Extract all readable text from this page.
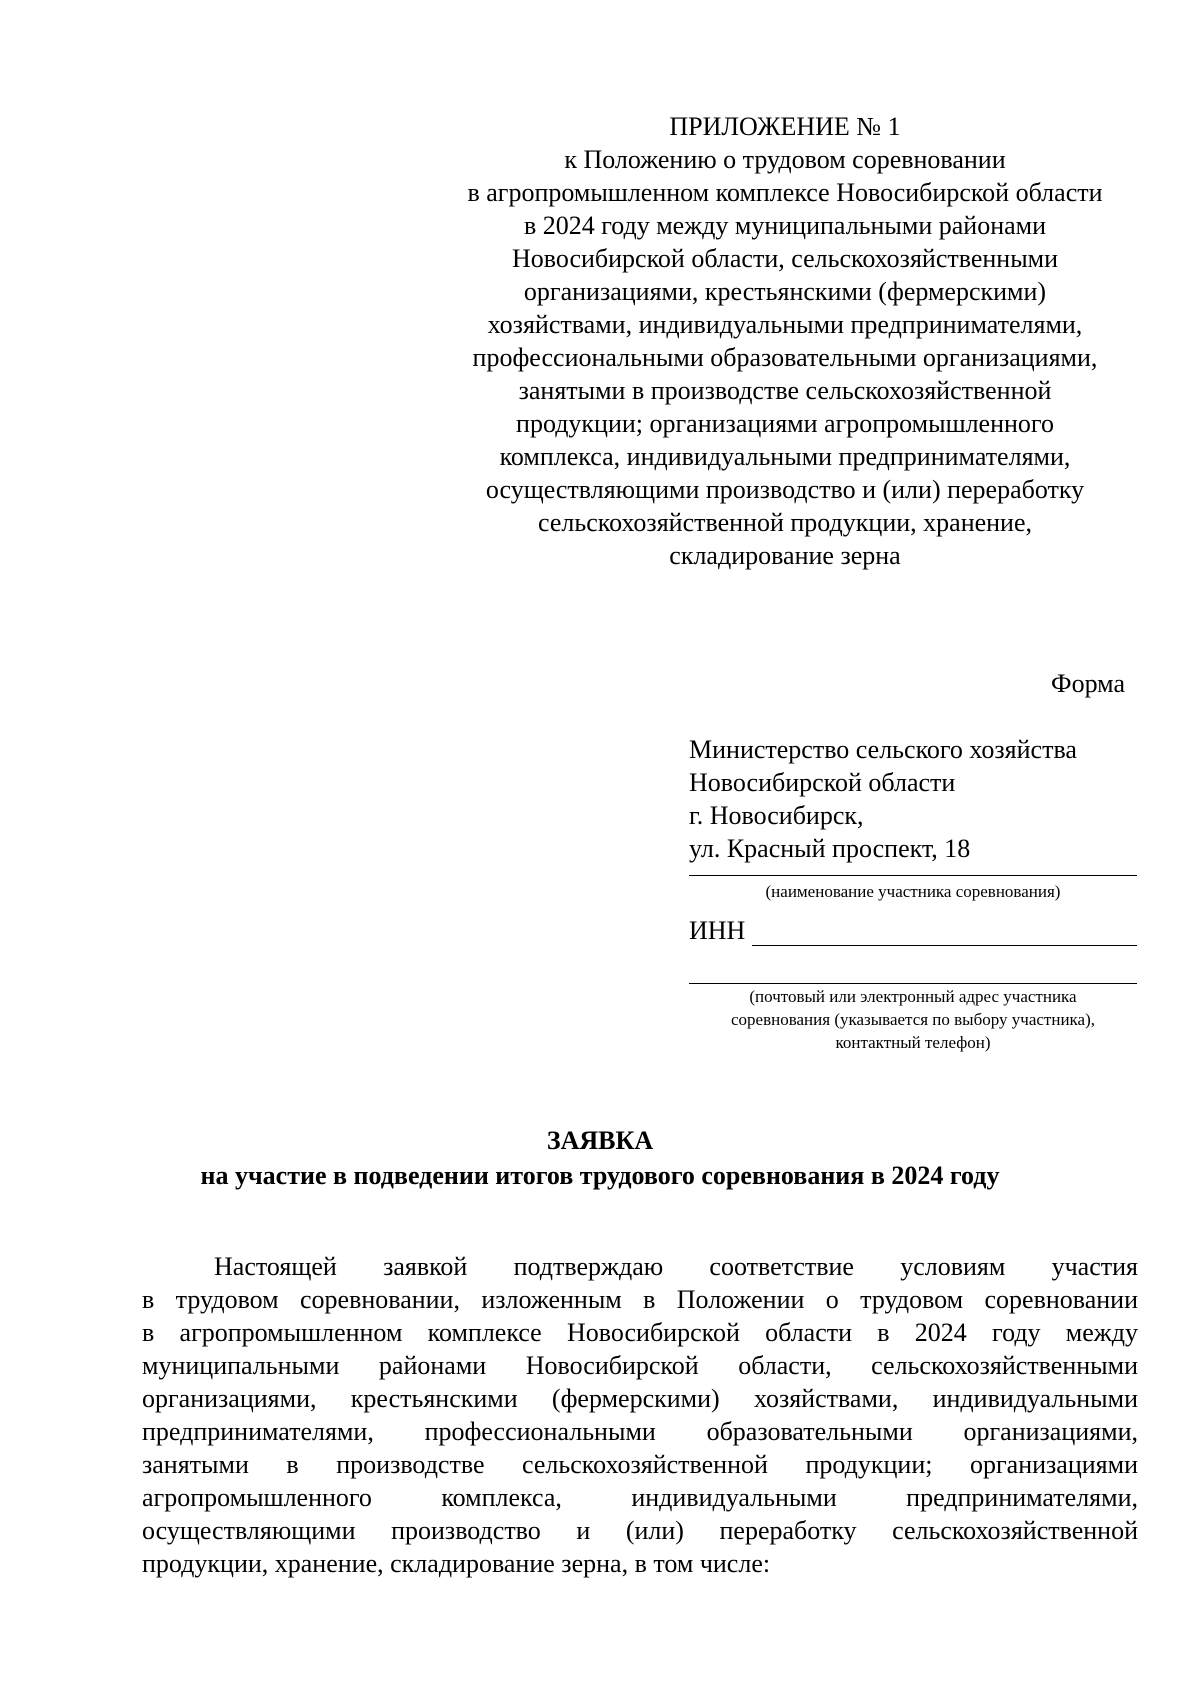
ПРИЛОЖЕНИЕ № 1
к Положению о трудовом соревновании
в агропромышленном комплексе Новосибирской области
в 2024 году между муниципальными районами
Новосибирской области, сельскохозяйственными
организациями, крестьянскими (фермерскими)
хозяйствами, индивидуальными предпринимателями,
профессиональными образовательными организациями,
занятыми в производстве сельскохозяйственной
продукции; организациями агропромышленного
комплекса, индивидуальными предпринимателями,
осуществляющими производство и (или) переработку
сельскохозяйственной продукции, хранение,
складирование зерна
Форма
Министерство сельского хозяйства
Новосибирской области
г. Новосибирск,
ул. Красный проспект, 18
(наименование участника соревнования)
ИНН
(почтовый или электронный адрес участника
соревнования (указывается по выбору участника),
контактный телефон)
ЗАЯВКА
на участие в подведении итогов трудового соревнования в 2024 году
Настоящей заявкой подтверждаю соответствие условиям участия
в трудовом соревновании, изложенным в Положении о трудовом соревновании
в агропромышленном комплексе Новосибирской области в 2024 году между
муниципальными районами Новосибирской области, сельскохозяйственными
организациями, крестьянскими (фермерскими) хозяйствами, индивидуальными
предпринимателями, профессиональными образовательными организациями,
занятыми в производстве сельскохозяйственной продукции; организациями
агропромышленного комплекса, индивидуальными предпринимателями,
осуществляющими производство и (или) переработку сельскохозяйственной
продукции, хранение, складирование зерна, в том числе:
